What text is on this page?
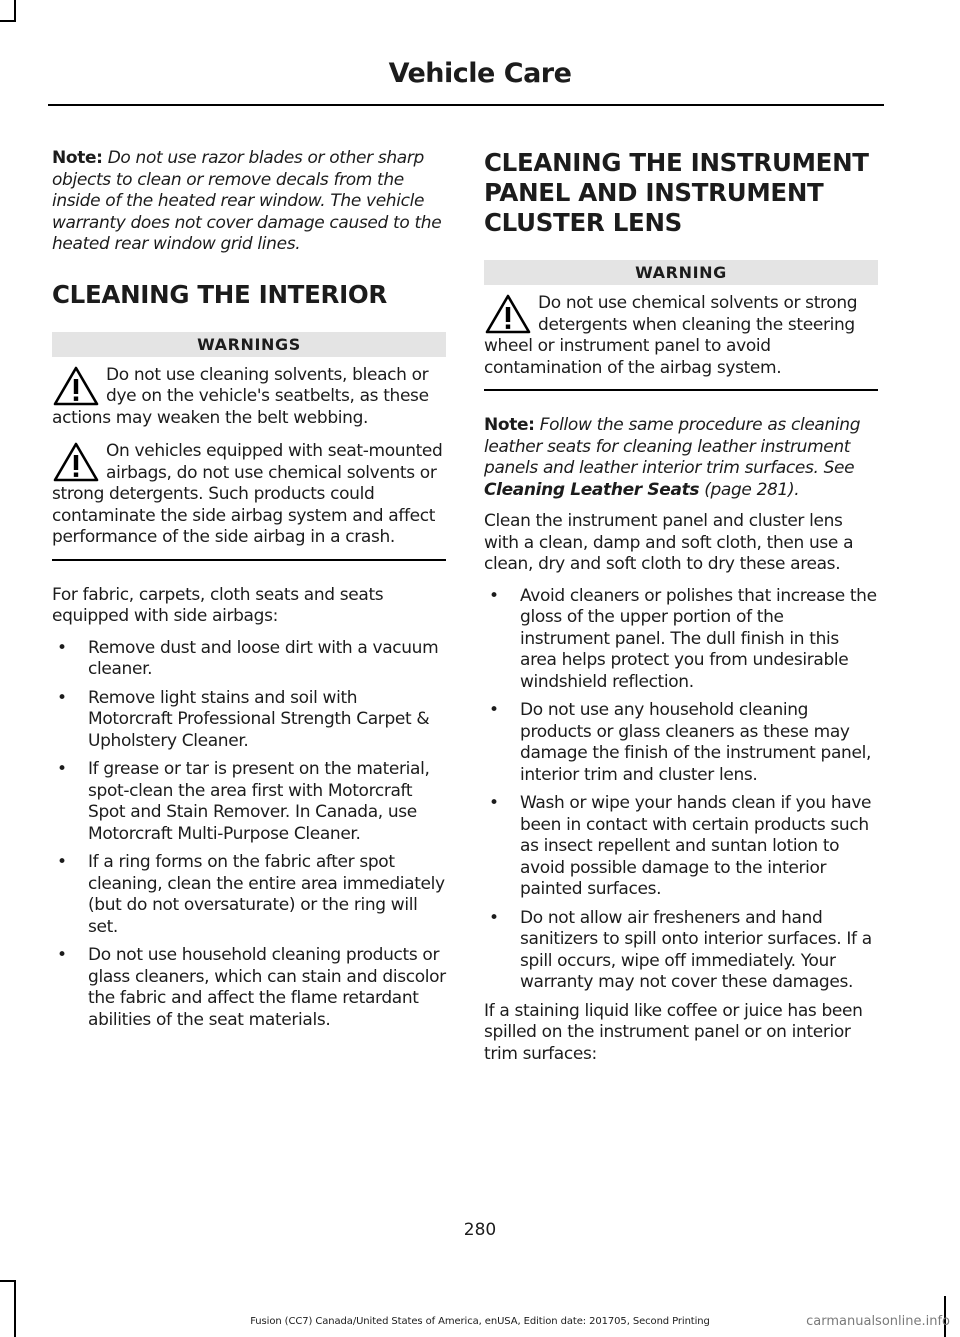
Vehicle Care

Note: Do not use razor blades or other sharp objects to clean or remove decals from the inside of the heated rear window. The vehicle warranty does not cover damage caused to the heated rear window grid lines.

CLEANING THE INTERIOR
WARNINGS
Do not use cleaning solvents, bleach or dye on the vehicle's seatbelts, as these actions may weaken the belt webbing.
On vehicles equipped with seat-mounted airbags, do not use chemical solvents or strong detergents. Such products could contaminate the side airbag system and affect performance of the side airbag in a crash.

For fabric, carpets, cloth seats and seats equipped with side airbags:

• Remove dust and loose dirt with a vacuum cleaner.
• Remove light stains and soil with Motorcraft Professional Strength Carpet & Upholstery Cleaner.
• If grease or tar is present on the material, spot-clean the area first with Motorcraft Spot and Stain Remover. In Canada, use Motorcraft Multi-Purpose Cleaner.
• If a ring forms on the fabric after spot cleaning, clean the entire area immediately (but do not oversaturate) or the ring will set.
• Do not use household cleaning products or glass cleaners, which can stain and discolor the fabric and affect the flame retardant abilities of the seat materials.
CLEANING THE INSTRUMENT PANEL AND INSTRUMENT CLUSTER LENS
WARNING
Do not use chemical solvents or strong detergents when cleaning the steering wheel or instrument panel to avoid contamination of the airbag system.

Note: Follow the same procedure as cleaning leather seats for cleaning leather instrument panels and leather interior trim surfaces. See Cleaning Leather Seats (page 281).

Clean the instrument panel and cluster lens with a clean, damp and soft cloth, then use a clean, dry and soft cloth to dry these areas.

• Avoid cleaners or polishes that increase the gloss of the upper portion of the instrument panel. The dull finish in this area helps protect you from undesirable windshield reflection.
• Do not use any household cleaning products or glass cleaners as these may damage the finish of the instrument panel, interior trim and cluster lens.
• Wash or wipe your hands clean if you have been in contact with certain products such as insect repellent and suntan lotion to avoid possible damage to the interior painted surfaces.
• Do not allow air fresheners and hand sanitizers to spill onto interior surfaces. If a spill occurs, wipe off immediately. Your warranty may not cover these damages.

If a staining liquid like coffee or juice has been spilled on the instrument panel or on interior trim surfaces:

280
Fusion (CC7) Canada/United States of America, enUSA, Edition date: 201705, Second Printing	carmanualsonline.info
